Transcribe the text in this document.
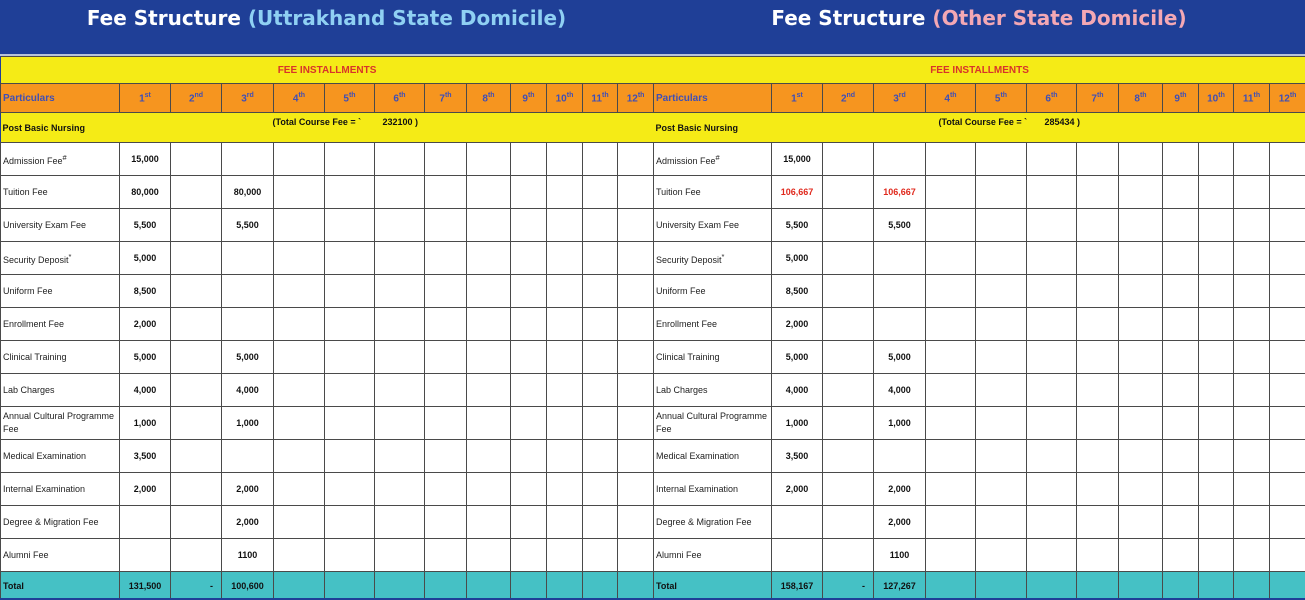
Fee Structure (Uttrakhand State Domicile)	Fee Structure (Other State Domicile)
FEE INSTALLMENTS												
Particulars	1st	2nd	3rd	4th	5th	6th	7th	8th	9th	10th	11th	12th

Post Basic Nursing
(Total Course Fee = ` 232100 )												

Admission Fee#	15,000											
Tuition Fee	80,000		80,000									
University Exam Fee	5,500		5,500									
Security Deposit*	5,000											
Uniform Fee	8,500											
Enrollment Fee	2,000											
Clinical Training	5,000		5,000									
Lab Charges	4,000		4,000									
Annual Cultural Programme Fee	1,000		1,000									
Medical Examination	3,500											
Internal Examination	2,000		2,000									
Degree & Migration Fee			2,000									
Alumni Fee			1100									
Total	131,500	-	100,600									
FEE INSTALLMENTS												
Particulars	1st	2nd	3rd	4th	5th	6th	7th	8th	9th	10th	11th	12th

Post Basic Nursing
(Total Course Fee = ` 285434 )												

Admission Fee#	15,000											
Tuition Fee	106,667		106,667									
University Exam Fee	5,500		5,500									
Security Deposit*	5,000											
Uniform Fee	8,500											
Enrollment Fee	2,000											
Clinical Training	5,000		5,000									
Lab Charges	4,000		4,000									
Annual Cultural Programme Fee	1,000		1,000									
Medical Examination	3,500											
Internal Examination	2,000		2,000									
Degree & Migration Fee			2,000									
Alumni Fee			1100									
Total	158,167	-	127,267									
